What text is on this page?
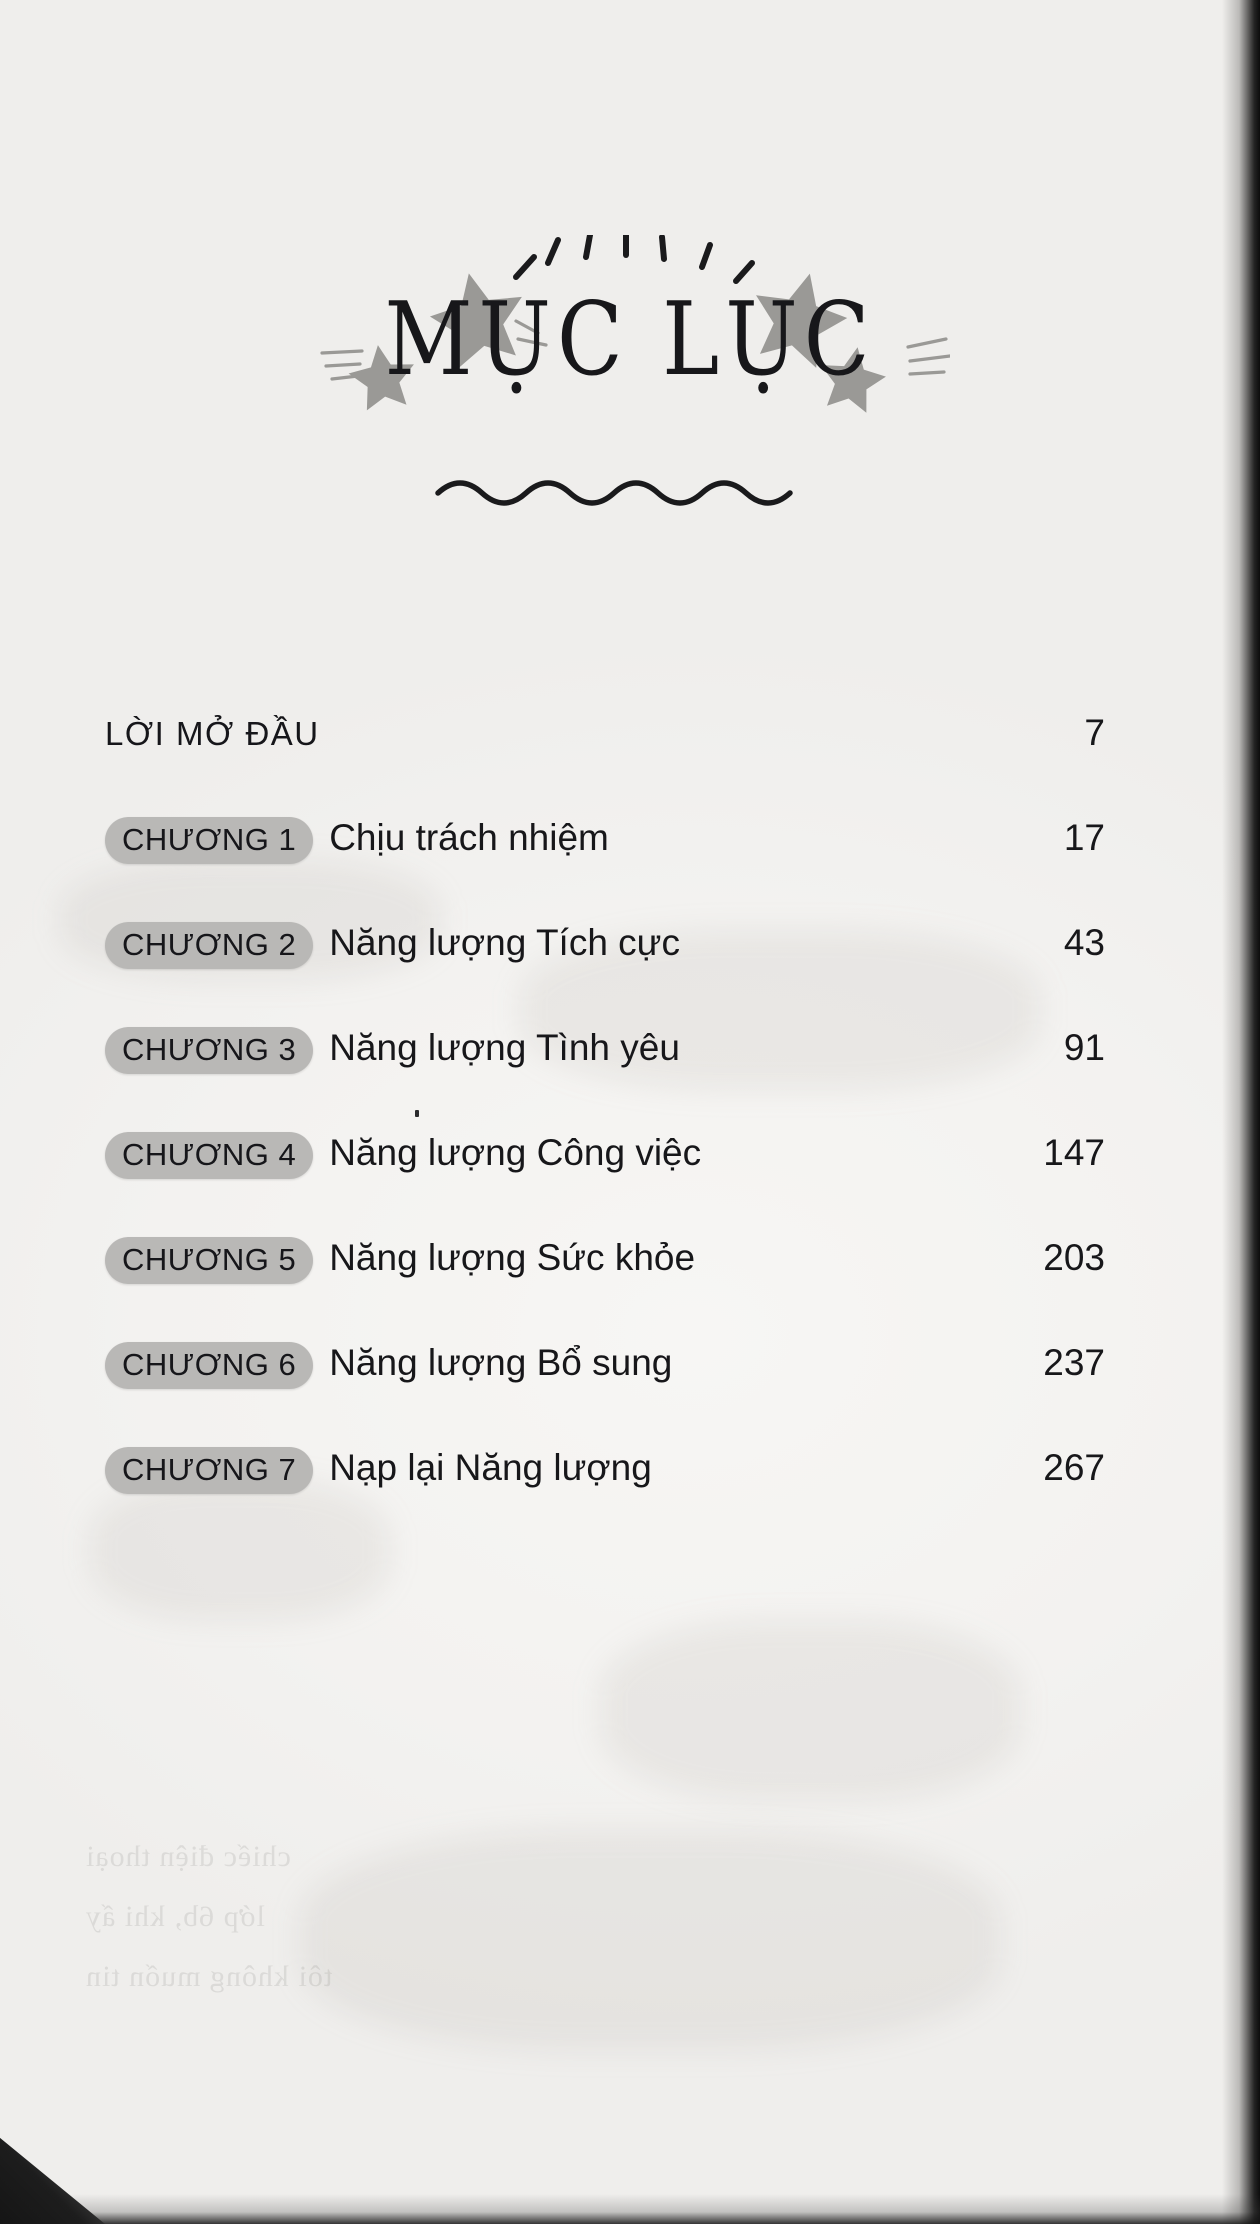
chiếc điện thoại
lớp 6b, khi ấy
tôi không muốn tin
MỤC LỤC
LỜI MỞ ĐẦU	7
CHƯƠNG 1 Chịu trách nhiệm	17
CHƯƠNG 2 Năng lượng Tích cực	43
CHƯƠNG 3 Năng lượng Tình yêu	91
CHƯƠNG 4 Năng lượng Công việc	147
CHƯƠNG 5 Năng lượng Sức khỏe	203
CHƯƠNG 6 Năng lượng Bổ sung	237
CHƯƠNG 7 Nạp lại Năng lượng	267
